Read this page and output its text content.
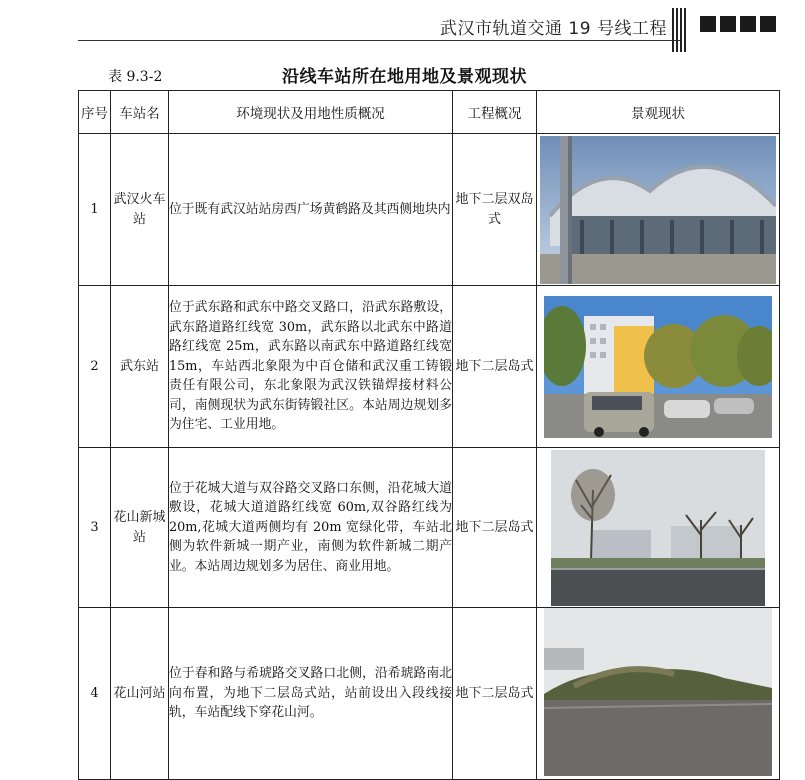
武汉市轨道交通 19 号线工程
表 9.3-2	沿线车站所在地用地及景观现状
序号	车站名	环境现状及用地性质概况	工程概况	景观现状
1	武汉火车站	位于既有武汉站站房西广场黄鹤路及其西侧地块内	地下二层双岛式	

2	武东站	位于武东路和武东中路交叉路口，沿武东路敷设，武东路道路红线宽 30m，武东路以北武东中路道路红线宽 25m，武东路以南武东中路道路红线宽 15m，车站西北象限为中百仓储和武汉重工铸锻责任有限公司，东北象限为武汉铁锚焊接材料公司，南侧现状为武东街铸锻社区。本站周边规划多为住宅、工业用地。	地下二层岛式	

3	花山新城站	位于花城大道与双谷路交叉路口东侧，沿花城大道敷设，花城大道道路红线宽 60m,双谷路红线为 20m,花城大道两侧均有 20m 宽绿化带，车站北侧为软件新城一期产业，南侧为软件新城二期产业。本站周边规划多为居住、商业用地。	地下二层岛式	

4	花山河站	位于春和路与希琥路交叉路口北侧，沿希琥路南北向布置，为地下二层岛式站，站前设出入段线接轨，车站配线下穿花山河。	地下二层岛式	
